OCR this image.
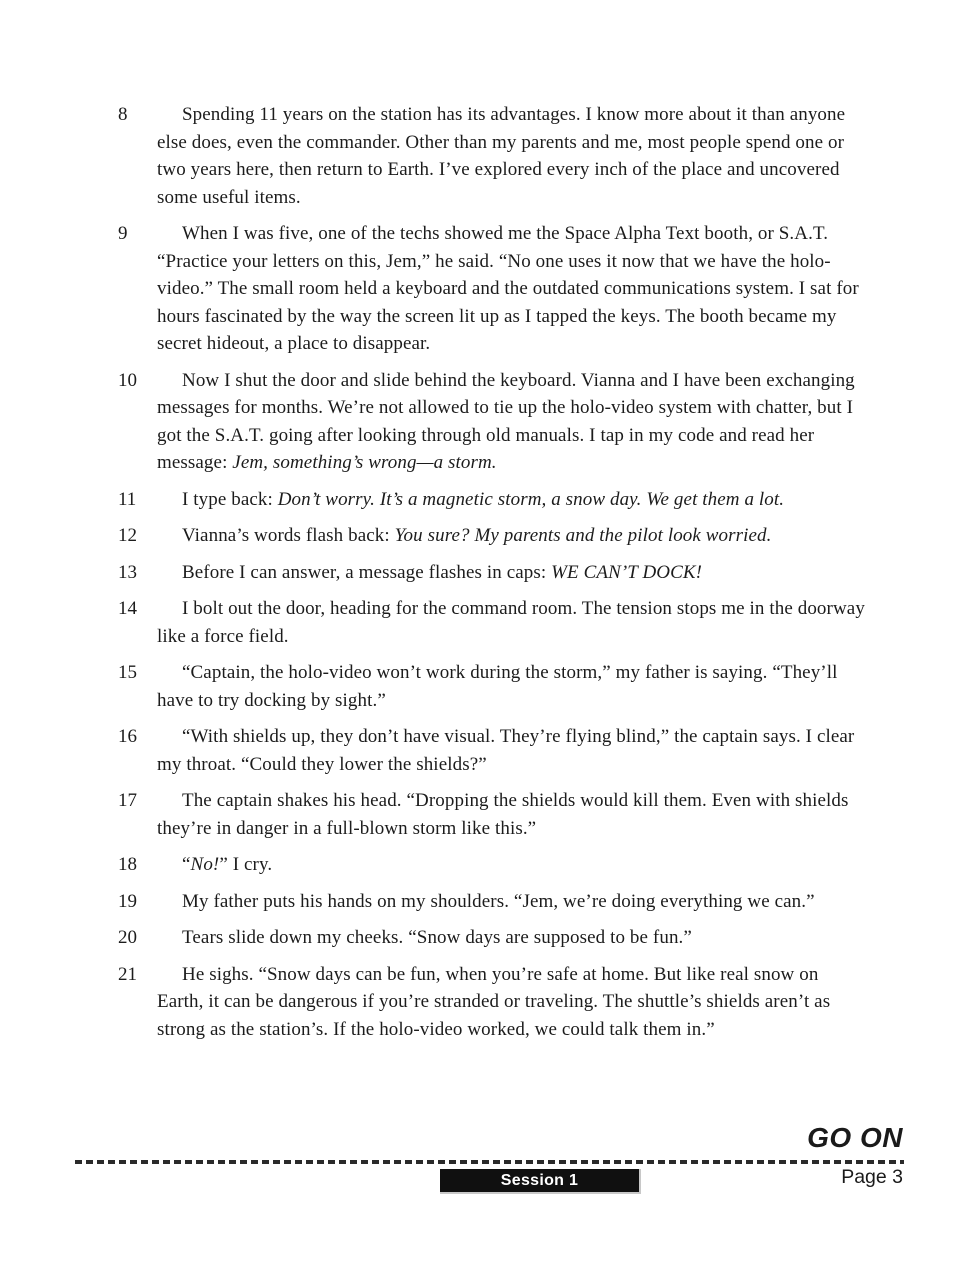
8	Spending 11 years on the station has its advantages. I know more about it than anyone else does, even the commander. Other than my parents and me, most people spend one or two years here, then return to Earth. I’ve explored every inch of the place and uncovered some useful items.
9	When I was five, one of the techs showed me the Space Alpha Text booth, or S.A.T. “Practice your letters on this, Jem,” he said. “No one uses it now that we have the holo-video.” The small room held a keyboard and the outdated communications system. I sat for hours fascinated by the way the screen lit up as I tapped the keys. The booth became my secret hideout, a place to disappear.
10	Now I shut the door and slide behind the keyboard. Vianna and I have been exchanging messages for months. We’re not allowed to tie up the holo-video system with chatter, but I got the S.A.T. going after looking through old manuals. I tap in my code and read her message: Jem, something’s wrong—a storm.
11	I type back: Don’t worry. It’s a magnetic storm, a snow day. We get them a lot.
12	Vianna’s words flash back: You sure? My parents and the pilot look worried.
13	Before I can answer, a message flashes in caps: WE CAN’T DOCK!
14	I bolt out the door, heading for the command room. The tension stops me in the doorway like a force field.
15	“Captain, the holo-video won’t work during the storm,” my father is saying. “They’ll have to try docking by sight.”
16	“With shields up, they don’t have visual. They’re flying blind,” the captain says. I clear my throat. “Could they lower the shields?”
17	The captain shakes his head. “Dropping the shields would kill them. Even with shields they’re in danger in a full-blown storm like this.”
18	“No!” I cry.
19	My father puts his hands on my shoulders. “Jem, we’re doing everything we can.”
20	Tears slide down my cheeks. “Snow days are supposed to be fun.”
21	He sighs. “Snow days can be fun, when you’re safe at home. But like real snow on Earth, it can be dangerous if you’re stranded or traveling. The shuttle’s shields aren’t as strong as the station’s. If the holo-video worked, we could talk them in.”
GO ON
Session 1	Page 3
